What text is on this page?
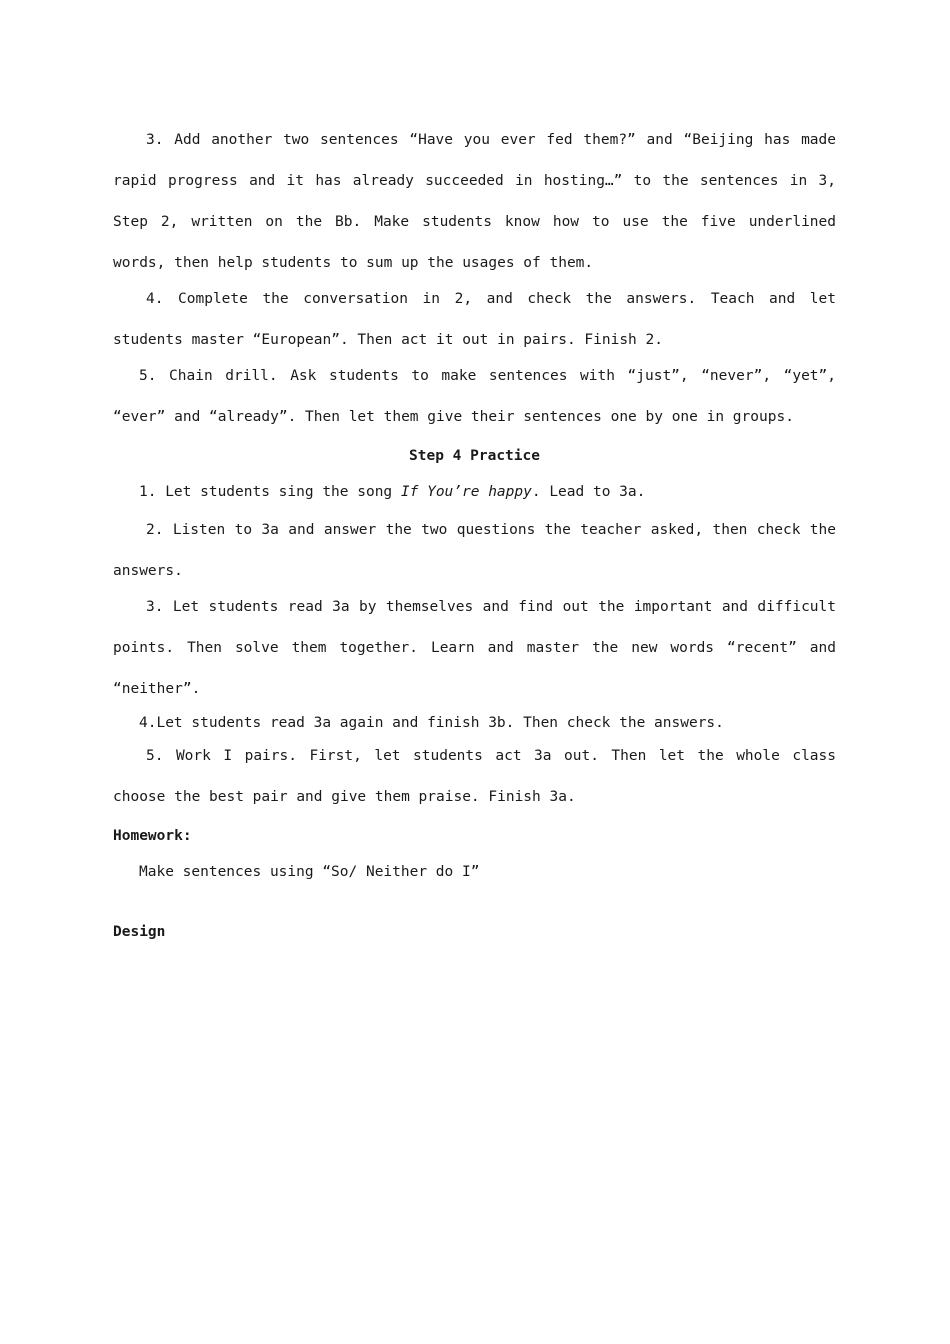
3. Add another two sentences “Have you ever fed them?” and “Beijing has made rapid progress and it has already succeeded in hosting…” to the sentences in 3, Step 2, written on the Bb. Make students know how to use the five underlined words, then help students to sum up the usages of them.

4. Complete the conversation in 2, and check the answers. Teach and let students master “European”. Then act it out in pairs. Finish 2.

5. Chain drill. Ask students to make sentences with “just”, “never”, “yet”, “ever” and “already”. Then let them give their sentences one by one in groups.

Step 4 Practice

1. Let students sing the song If You’re happy. Lead to 3a.

2. Listen to 3a and answer the two questions the teacher asked, then check the answers.

3. Let students read 3a by themselves and find out the important and difficult points. Then solve them together. Learn and master the new words “recent” and “neither”.

4.Let students read 3a again and finish 3b. Then check the answers.

5. Work I pairs. First, let students act 3a out. Then let the whole class choose the best pair and give them praise. Finish 3a.

Homework:

Make sentences using “So/ Neither do I”

Design
